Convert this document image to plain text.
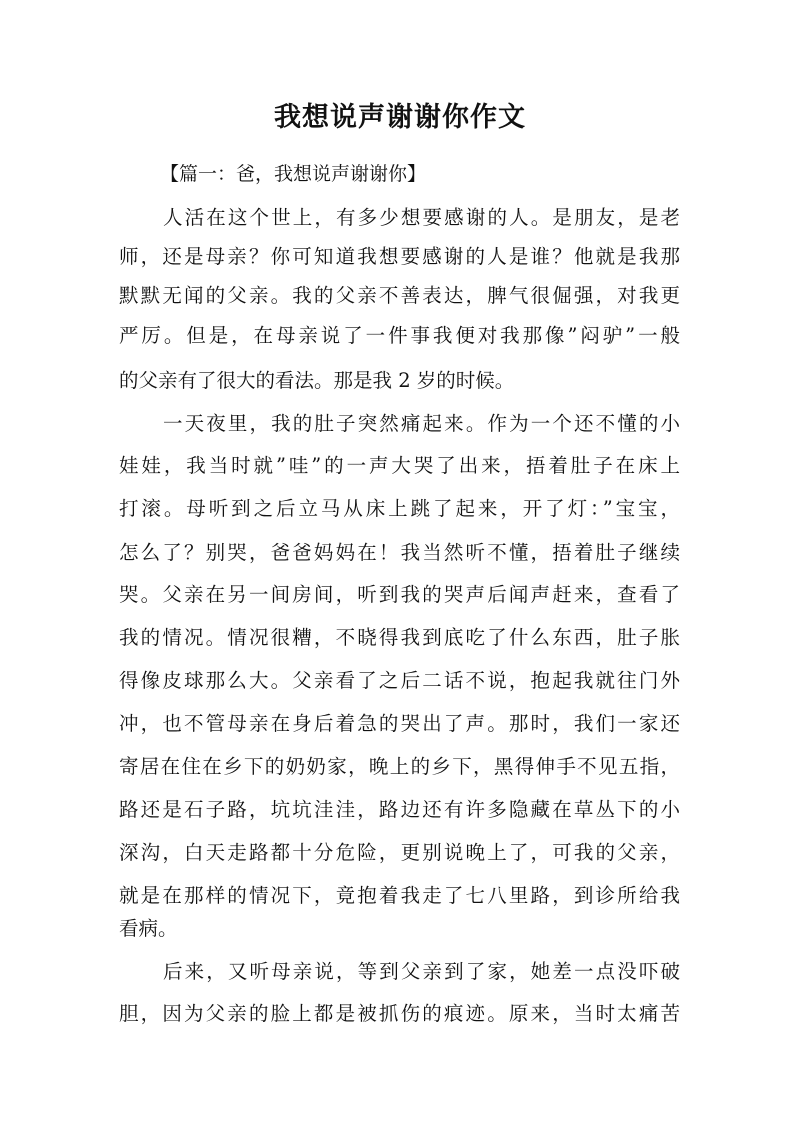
我想说声谢谢你作文

【篇一：爸，我想说声谢谢你】

人活在这个世上，有多少想要感谢的人。是朋友，是老

师，还是母亲？你可知道我想要感谢的人是谁？他就是我那

默默无闻的父亲。我的父亲不善表达，脾气很倔强，对我更

严厉。但是，在母亲说了一件事我便对我那像”闷驴”一般

的父亲有了很大的看法。那是我 2 岁的时候。

一天夜里，我的肚子突然痛起来。作为一个还不懂的小

娃娃，我当时就”哇”的一声大哭了出来，捂着肚子在床上

打滚。母听到之后立马从床上跳了起来，开了灯：”宝宝，

怎么了？别哭，爸爸妈妈在！我当然听不懂，捂着肚子继续

哭。父亲在另一间房间，听到我的哭声后闻声赶来，查看了

我的情况。情况很糟，不晓得我到底吃了什么东西，肚子胀

得像皮球那么大。父亲看了之后二话不说，抱起我就往门外

冲，也不管母亲在身后着急的哭出了声。那时，我们一家还

寄居在住在乡下的奶奶家，晚上的乡下，黑得伸手不见五指，

路还是石子路，坑坑洼洼，路边还有许多隐藏在草丛下的小

深沟，白天走路都十分危险，更别说晚上了，可我的父亲，

就是在那样的情况下，竟抱着我走了七八里路，到诊所给我

看病。

后来，又听母亲说，等到父亲到了家，她差一点没吓破

胆，因为父亲的脸上都是被抓伤的痕迹。原来，当时太痛苦
